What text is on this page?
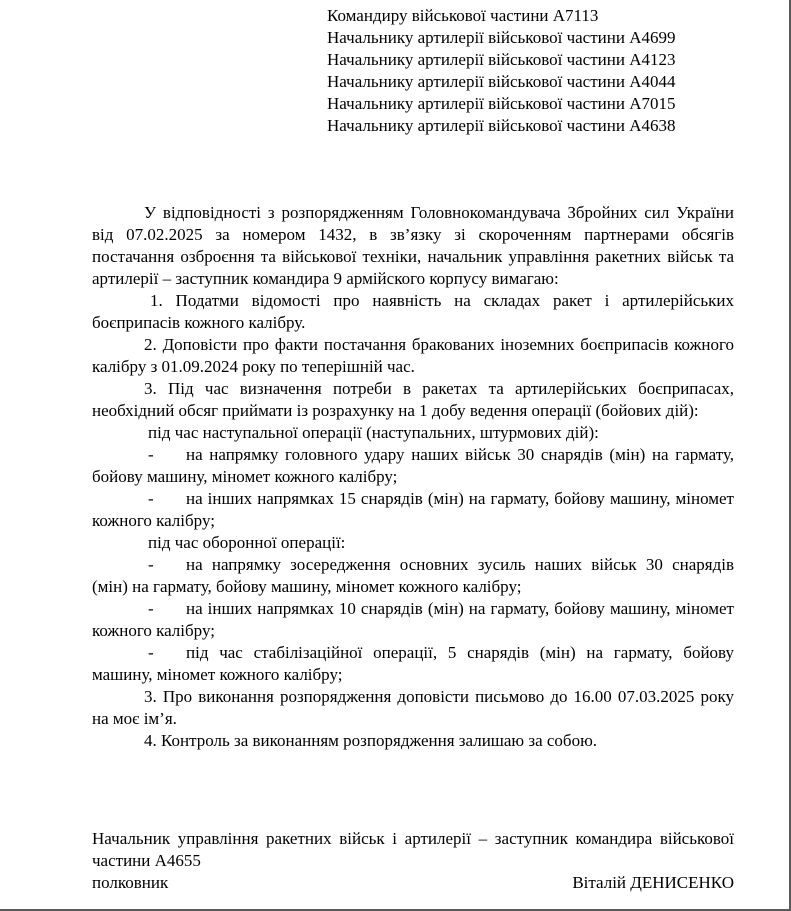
Командиру військової частини А7113
Начальнику артилерії військової частини А4699
Начальнику артилерії військової частини А4123
Начальнику артилерії військової частини А4044
Начальнику артилерії військової частини А7015
Начальнику артилерії військової частини А4638

У відповідності з розпорядженням Головнокомандувача Збройних сил України від 07.02.2025 за номером 1432, в зв’язку зі скороченням партнерами обсягів постачання озброєння та військової техніки, начальник управління ракетних військ та артилерії – заступник командира 9 армійского корпусу вимагаю:

1. Податми відомості про наявність на складах ракет і артилерійських боєприпасів кожного калібру.

2. Доповісти про факти постачання бракованих іноземних боєприпасів кожного калібру з 01.09.2024 року по теперішній час.

3. Під час визначення потреби в ракетах та артилерійських боєприпасах, необхідний обсяг приймати із розрахунку на 1 добу ведення операції (бойових дій):

під час наступальної операції (наступальних, штурмових дій):

- на напрямку головного удару наших військ 30 снарядів (мін) на гармату, бойову машину, міномет кожного калібру;

- на інших напрямках 15 снарядів (мін) на гармату, бойову машину, міномет кожного калібру;

під час оборонної операції:

- на напрямку зосередження основних зусиль наших військ 30 снарядів (мін) на гармату, бойову машину, міномет кожного калібру;

- на інших напрямках 10 снарядів (мін) на гармату, бойову машину, міномет кожного калібру;

- під час стабілізаційної операції, 5 снарядів (мін) на гармату, бойову машину, міномет кожного калібру;

3. Про виконання розпорядження доповісти письмово до 16.00 07.03.2025 року на моє ім’я.

4. Контроль за виконанням розпорядження залишаю за собою.

Начальник управління ракетних військ і артилерії – заступник командира військової частини А4655

полковник	Віталій ДЕНИСЕНКО
